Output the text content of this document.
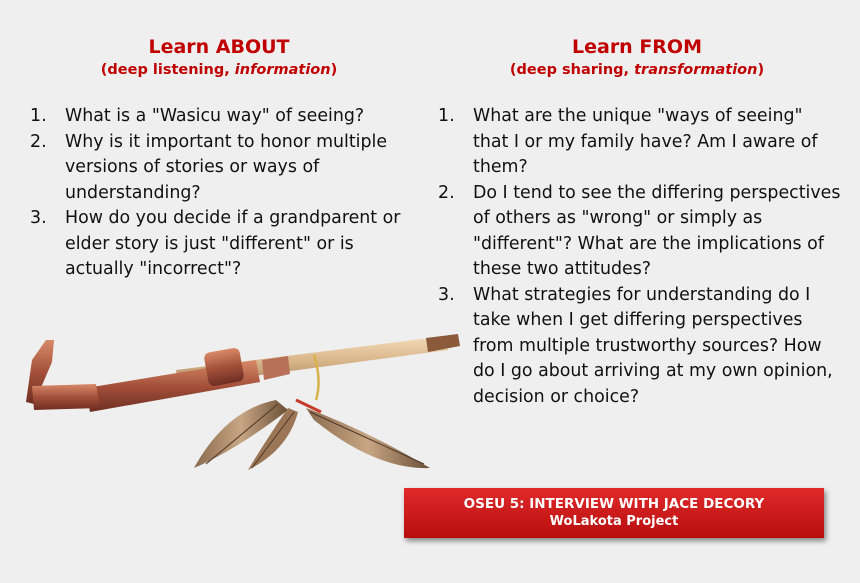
Learn ABOUT
(deep listening, information)
1. What is a "Wasicu way" of seeing?
2. Why is it important to honor multiple versions of stories or ways of understanding?
3. How do you decide if a grandparent or elder story is just "different" or is actually "incorrect"?
Learn FROM
(deep sharing, transformation)
1. What are the unique "ways of seeing" that I or my family have? Am I aware of them?
2. Do I tend to see the differing perspectives of others as "wrong" or simply as "different"? What are the implications of these two attitudes?
3. What strategies for understanding do I take when I get differing perspectives from multiple trustworthy sources? How do I go about arriving at my own opinion, decision or choice?
OSEU 5: INTERVIEW WITH JACE DECORY
WoLakota Project
